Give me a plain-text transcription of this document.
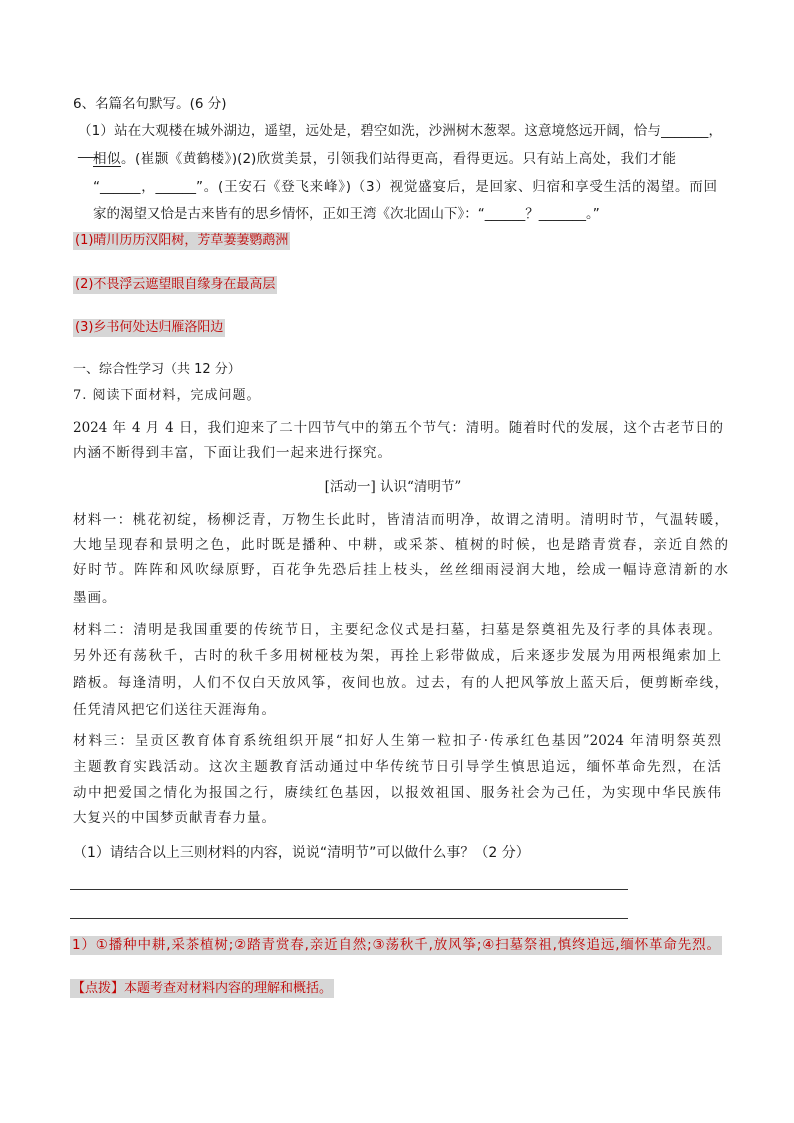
6、名篇名句默写。(6 分)
（1）站在大观楼在城外湖边，遥望，远处是，碧空如洗，沙洲树木葱翠。这意境悠远开阔，恰与_______，___
相似。(崔颢《黄鹤楼》)(2)欣赏美景，引领我们站得更高，看得更远。只有站上高处，我们才能
“______，______”。(王安石《登飞来峰》)（3）视觉盛宴后，是回家、归宿和享受生活的渴望。而回
家的渴望又恰是古来皆有的思乡情怀，正如王湾《次北固山下》：“______？_______。”
(1)晴川历历汉阳树，芳草萋萋鹦鹉洲
(2)不畏浮云遮望眼自缘身在最高层
(3)乡书何处达归雁洛阳边
一、综合性学习（共 12 分）
7. 阅读下面材料，完成问题。
2024 年 4 月 4 日，我们迎来了二十四节气中的第五个节气：清明。随着时代的发展，这个古老节日的
内涵不断得到丰富，下面让我们一起来进行探究。
[活动一] 认识“清明节”
材料一：桃花初绽，杨柳泛青，万物生长此时，皆清洁而明净，故谓之清明。清明时节，气温转暖，
大地呈现春和景明之色，此时既是播种、中耕，或采茶、植树的时候，也是踏青赏春，亲近自然的
好时节。阵阵和风吹绿原野，百花争先恐后挂上枝头，丝丝细雨浸润大地，绘成一幅诗意清新的水
墨画。
材料二：清明是我国重要的传统节日，主要纪念仪式是扫墓，扫墓是祭奠祖先及行孝的具体表现。
另外还有荡秋千，古时的秋千多用树桠枝为架，再拴上彩带做成，后来逐步发展为用两根绳索加上
踏板。每逢清明，人们不仅白天放风筝，夜间也放。过去，有的人把风筝放上蓝天后，便剪断牵线，
任凭清风把它们送往天涯海角。
材料三：呈贡区教育体育系统组织开展“扣好人生第一粒扣子·传承红色基因”2024 年清明祭英烈
主题教育实践活动。这次主题教育活动通过中华传统节日引导学生慎思追远，缅怀革命先烈，在活
动中把爱国之情化为报国之行，赓续红色基因，以报效祖国、服务社会为己任，为实现中华民族伟
大复兴的中国梦贡献青春力量。
（1）请结合以上三则材料的内容，说说“清明节”可以做什么事？（2 分）
1）①播种中耕,采茶植树;②踏青赏春,亲近自然;③荡秋千,放风筝;④扫墓祭祖,慎终追远,缅怀革命先烈。
【点拨】本题考查对材料内容的理解和概括。
